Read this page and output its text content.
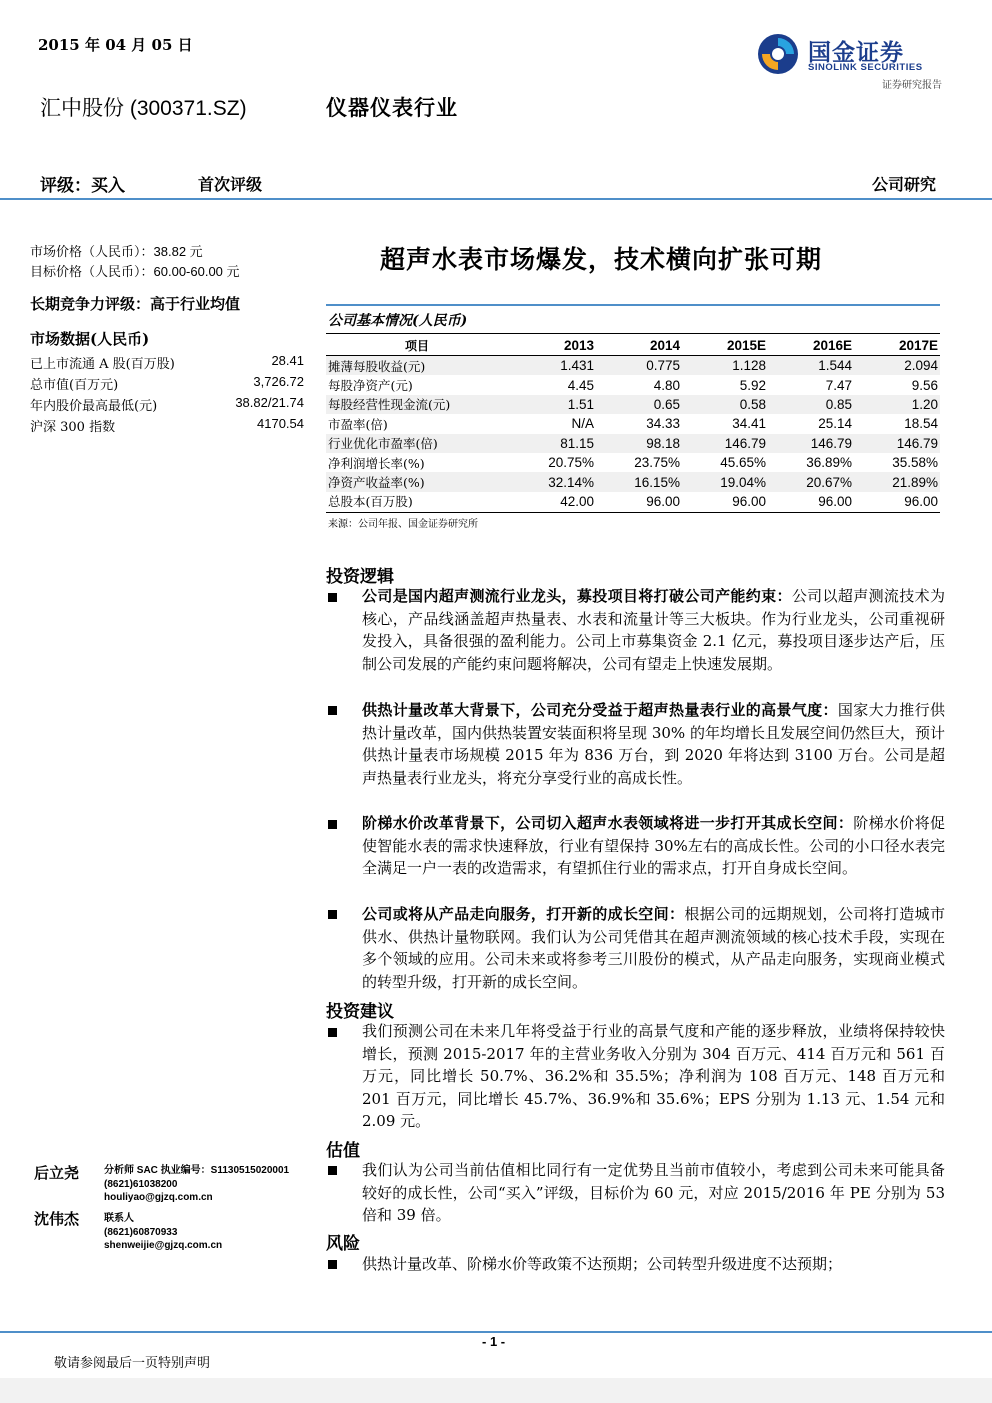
2015 年 04 月 05 日	国金证券
SINOLINK SECURITIES
证券研究报告
汇中股份 (300371.SZ)	仪器仪表行业
评级：买入	首次评级	公司研究
市场价格（人民币）：38.82 元
目标价格（人民币）：60.00-60.00 元
长期竞争力评级：高于行业均值
市场数据(人民币)
已上市流通 A 股(百万股)	28.41
总市值(百万元)	3,726.72
年内股价最高最低(元)	38.82/21.74
沪深 300 指数	4170.54
超声水表市场爆发，技术横向扩张可期
公司基本情况(人民币)
项目	2013	2014	2015E	2016E	2017E
摊薄每股收益(元)	1.431	0.775	1.128	1.544	2.094
每股净资产(元)	4.45	4.80	5.92	7.47	9.56
每股经营性现金流(元)	1.51	0.65	0.58	0.85	1.20
市盈率(倍)	N/A	34.33	34.41	25.14	18.54
行业优化市盈率(倍)	81.15	98.18	146.79	146.79	146.79
净利润增长率(%)	20.75%	23.75%	45.65%	36.89%	35.58%
净资产收益率(%)	32.14%	16.15%	19.04%	20.67%	21.89%
总股本(百万股)	42.00	96.00	96.00	96.00	96.00
来源：公司年报、国金证券研究所
投资逻辑
公司是国内超声测流行业龙头，募投项目将打破公司产能约束：公司以超声测流技术为核心，产品线涵盖超声热量表、水表和流量计等三大板块。作为行业龙头，公司重视研发投入，具备很强的盈利能力。公司上市募集资金 2.1 亿元，募投项目逐步达产后，压制公司发展的产能约束问题将解决，公司有望走上快速发展期。
供热计量改革大背景下，公司充分受益于超声热量表行业的高景气度：国家大力推行供热计量改革，国内供热装置安装面积将呈现 30% 的年均增长且发展空间仍然巨大，预计供热计量表市场规模 2015 年为 836 万台，到 2020 年将达到 3100 万台。公司是超声热量表行业龙头，将充分享受行业的高成长性。
阶梯水价改革背景下，公司切入超声水表领域将进一步打开其成长空间：阶梯水价将促使智能水表的需求快速释放，行业有望保持 30%左右的高成长性。公司的小口径水表完全满足一户一表的改造需求，有望抓住行业的需求点，打开自身成长空间。
公司或将从产品走向服务，打开新的成长空间：根据公司的远期规划，公司将打造城市供水、供热计量物联网。我们认为公司凭借其在超声测流领域的核心技术手段，实现在多个领域的应用。公司未来或将参考三川股份的模式，从产品走向服务，实现商业模式的转型升级，打开新的成长空间。
投资建议
我们预测公司在未来几年将受益于行业的高景气度和产能的逐步释放，业绩将保持较快增长，预测 2015-2017 年的主营业务收入分别为 304 百万元、414 百万元和 561 百万元，同比增长 50.7%、36.2%和 35.5%；净利润为 108 百万元、148 百万元和 201 百万元，同比增长 45.7%、36.9%和 35.6%；EPS 分别为 1.13 元、1.54 元和 2.09 元。
估值
我们认为公司当前估值相比同行有一定优势且当前市值较小，考虑到公司未来可能具备较好的成长性，公司“买入”评级，目标价为 60 元，对应 2015/2016 年 PE 分别为 53 倍和 39 倍。
风险
供热计量改革、阶梯水价等政策不达预期；公司转型升级进度不达预期；
后立尧 分析师 SAC 执业编号：S1130515020001
(8621)61038200
houliyao@gjzq.com.cn
沈伟杰 联系人
(8621)60870933
shenweijie@gjzq.com.cn
- 1 -
敬请参阅最后一页特别声明
